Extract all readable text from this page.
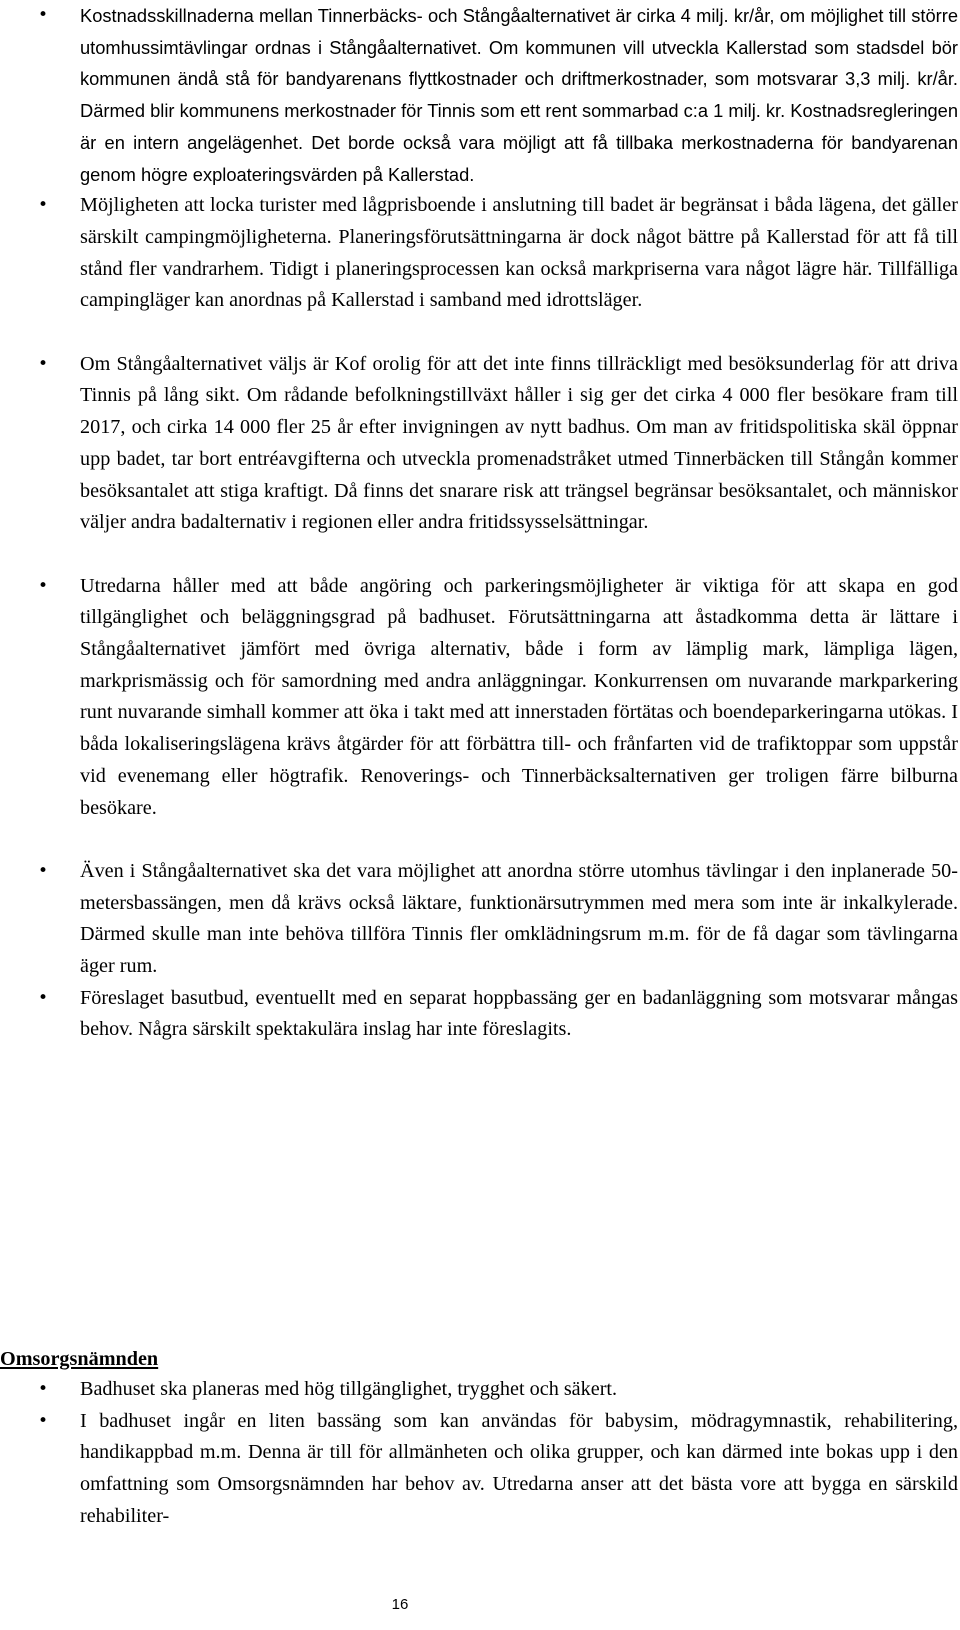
• Kostnadsskillnaderna mellan Tinnerbäcks- och Stångåalternativet är cirka 4 milj. kr/år, om möjlighet till större utomhussimtävlingar ordnas i Stångåalternativet. Om kommunen vill utveckla Kallerstad som stadsdel bör kommunen ändå stå för bandyarenans flyttkostnader och driftmerkostnader, som motsvarar 3,3 milj. kr/år. Därmed blir kommunens merkostnader för Tinnis som ett rent sommarbad c:a 1 milj. kr. Kostnadsregleringen är en intern angelägenhet. Det borde också vara möjligt att få tillbaka merkostnaderna för bandyarenan genom högre exploateringsvärden på Kallerstad.
• Möjligheten att locka turister med lågprisboende i anslutning till badet är begränsat i båda lägena, det gäller särskilt campingmöjligheterna. Planeringsförutsättningarna är dock något bättre på Kallerstad för att få till stånd fler vandrarhem. Tidigt i planeringsprocessen kan också markpriserna vara något lägre här. Tillfälliga campingläger kan anordnas på Kallerstad i samband med idrottsläger.
• Om Stångåalternativet väljs är Kof orolig för att det inte finns tillräckligt med besöksunderlag för att driva Tinnis på lång sikt. Om rådande befolkningstillväxt håller i sig ger det cirka 4 000 fler besökare fram till 2017, och cirka 14 000 fler 25 år efter invigningen av nytt badhus. Om man av fritidspolitiska skäl öppnar upp badet, tar bort entréavgifterna och utveckla promenadstråket utmed Tinnerbäcken till Stångån kommer besöksantalet att stiga kraftigt. Då finns det snarare risk att trängsel begränsar besöksantalet, och människor väljer andra badalternativ i regionen eller andra fritidssysselsättningar.
• Utredarna håller med att både angöring och parkeringsmöjligheter är viktiga för att skapa en god tillgänglighet och beläggningsgrad på badhuset. Förutsättningarna att åstadkomma detta är lättare i Stångåalternativet jämfört med övriga alternativ, både i form av lämplig mark, lämpliga lägen, markprismässig och för samordning med andra anläggningar. Konkurrensen om nuvarande markparkering runt nuvarande simhall kommer att öka i takt med att innerstaden förtätas och boendeparkeringarna utökas. I båda lokaliseringslägena krävs åtgärder för att förbättra till- och frånfarten vid de trafiktoppar som uppstår vid evenemang eller högtrafik. Renoverings- och Tinnerbäcksalternativen ger troligen färre bilburna besökare.
• Även i Stångåalternativet ska det vara möjlighet att anordna större utomhus tävlingar i den inplanerade 50-metersbassängen, men då krävs också läktare, funktionärsutrymmen med mera som inte är inkalkylerade. Därmed skulle man inte behöva tillföra Tinnis fler omklädningsrum m.m. för de få dagar som tävlingarna äger rum.
• Föreslaget basutbud, eventuellt med en separat hoppbassäng ger en badanläggning som motsvarar mångas behov. Några särskilt spektakulära inslag har inte föreslagits.
Omsorgsnämnden
• Badhuset ska planeras med hög tillgänglighet, trygghet och säkert.
• I badhuset ingår en liten bassäng som kan användas för babysim, mödragymnastik, rehabilitering, handikappbad m.m. Denna är till för allmänheten och olika grupper, och kan därmed inte bokas upp i den omfattning som Omsorgsnämnden har behov av. Utredarna anser att det bästa vore att bygga en särskild rehabiliter-
16
